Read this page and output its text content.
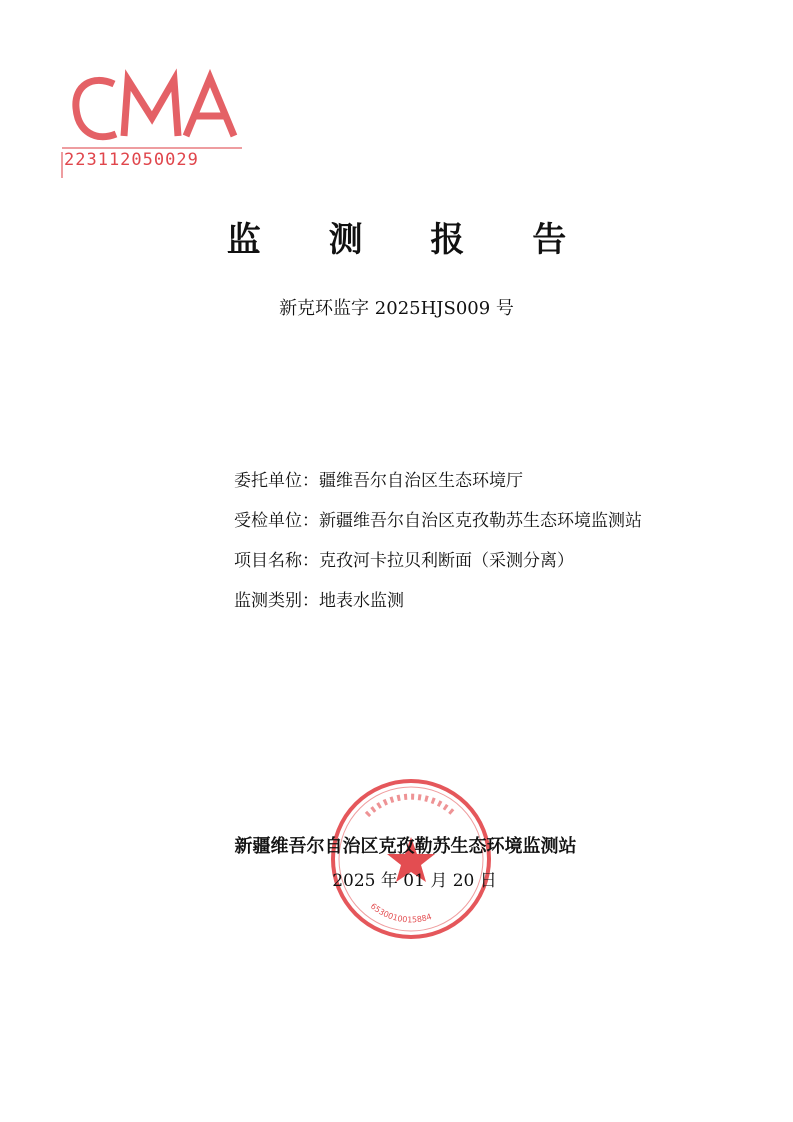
223112050029
监 测 报 告
新克环监字 2025HJS009 号
委托单位： 疆维吾尔自治区生态环境厅
受检单位： 新疆维吾尔自治区克孜勒苏生态环境监测站
项目名称： 克孜河卡拉贝利断面（采测分离）
监测类别： 地表水监测
6530010015884
新疆维吾尔自治区克孜勒苏生态环境监测站
2025 年 01 月 20 日
